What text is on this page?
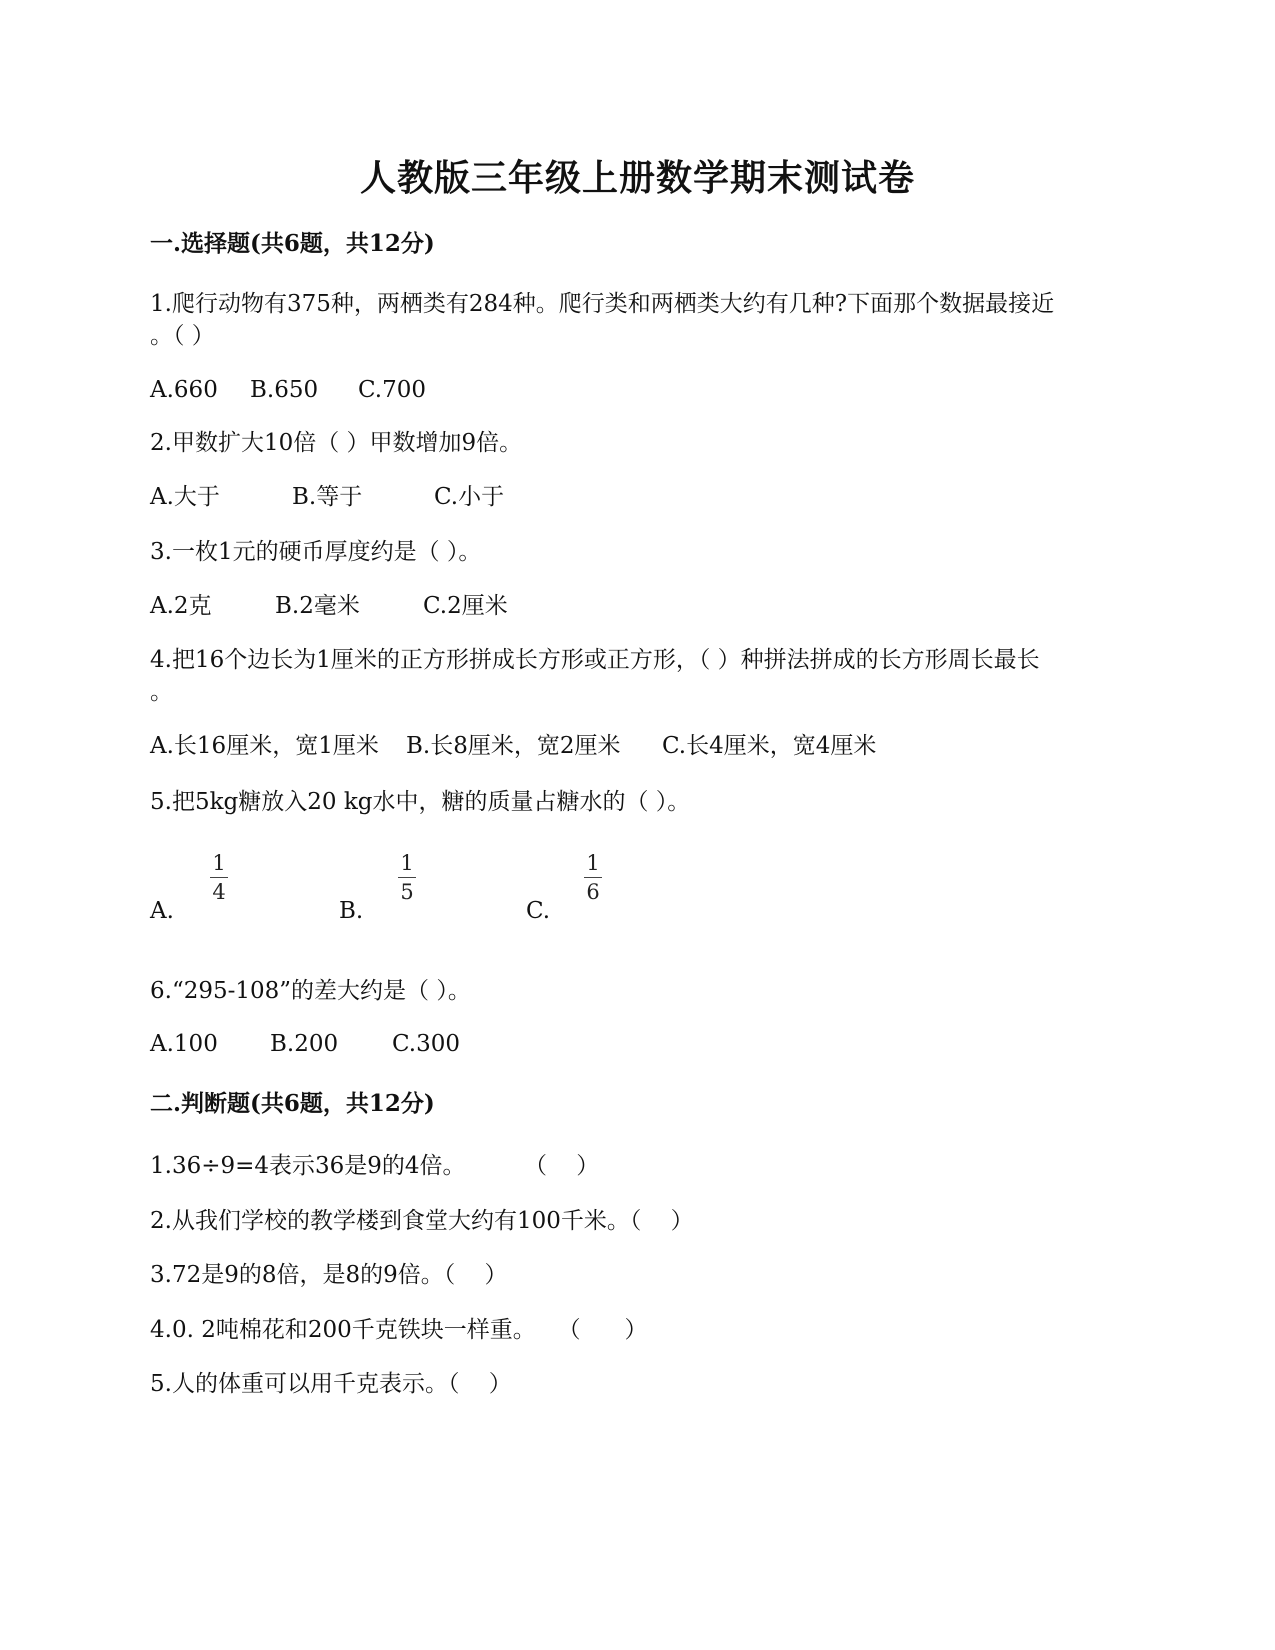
人教版三年级上册数学期末测试卷
一.选择题(共6题，共12分)
1.爬行动物有375种，两栖类有284种。爬行类和两栖类大约有几种?下面那个数据最接近
。（ ）
A.660 B.650 C.700
2.甲数扩大10倍（ ）甲数增加9倍。
A.大于	B.等于	C.小于
3.一枚1元的硬币厚度约是（ ）。
A.2克	B.2毫米	C.2厘米
4.把16个边长为1厘米的正方形拼成长方形或正方形，（ ）种拼法拼成的长方形周长最长
。
A.长16厘米，宽1厘米 B.长8厘米，宽2厘米 C.长4厘米，宽4厘米
5.把5kg糖放入20 kg水中，糖的质量占糖水的（ ）。
A.
1
4
B.
1
5
C.
1
6
6.“295-108”的差大约是（ ）。
A.100 B.200 C.300
二.判断题(共6题，共12分)
1.36÷9=4表示36是9的4倍。        （    ）
2.从我们学校的教学楼到食堂大约有100千米。（    ）
3.72是9的8倍，是8的9倍。（    ）
4.0. 2吨棉花和200千克铁块一样重。   （      ）
5.人的体重可以用千克表示。（    ）
